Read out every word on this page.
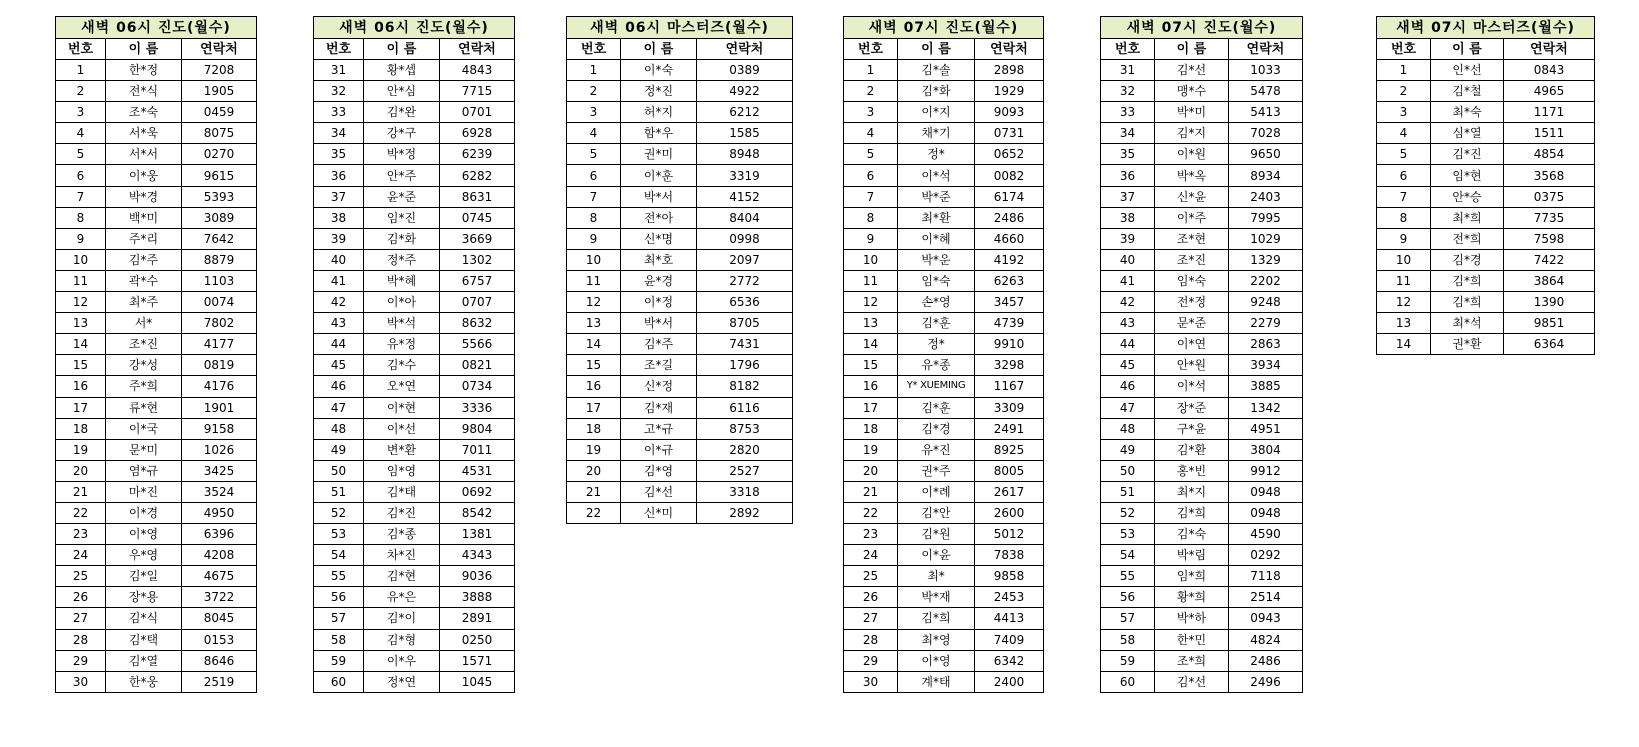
새벽 06시 진도(월수)		
번호	이 름	연락처
1	한*정	7208
2	전*식	1905
3	조*숙	0459
4	서*욱	8075
5	서*서	0270
6	이*웅	9615
7	박*경	5393
8	백*미	3089
9	주*리	7642
10	김*주	8879
11	곽*수	1103
12	최*주	0074
13	서*	7802
14	조*진	4177
15	강*성	0819
16	주*희	4176
17	류*현	1901
18	이*국	9158
19	문*미	1026
20	염*규	3425
21	마*진	3524
22	이*경	4950
23	이*영	6396
24	우*영	4208
25	김*일	4675
26	장*용	3722
27	김*식	8045
28	김*택	0153
29	김*열	8646
30	한*웅	2519
새벽 06시 진도(월수)		
번호	이 름	연락처
31	황*셉	4843
32	안*심	7715
33	김*완	0701
34	강*구	6928
35	박*정	6239
36	안*주	6282
37	윤*준	8631
38	임*진	0745
39	김*화	3669
40	정*주	1302
41	박*혜	6757
42	이*아	0707
43	박*석	8632
44	유*정	5566
45	김*수	0821
46	오*연	0734
47	이*현	3336
48	이*선	9804
49	변*환	7011
50	임*영	4531
51	김*태	0692
52	김*진	8542
53	김*종	1381
54	차*진	4343
55	김*현	9036
56	유*은	3888
57	김*이	2891
58	김*형	0250
59	이*우	1571
60	정*연	1045
새벽 06시 마스터즈(월수)		
번호	이 름	연락처
1	이*숙	0389
2	정*진	4922
3	허*지	6212
4	함*우	1585
5	권*미	8948
6	이*훈	3319
7	박*서	4152
8	전*아	8404
9	신*명	0998
10	최*호	2097
11	윤*경	2772
12	이*정	6536
13	박*서	8705
14	김*주	7431
15	조*길	1796
16	신*정	8182
17	김*재	6116
18	고*규	8753
19	이*규	2820
20	김*영	2527
21	김*선	3318
22	신*미	2892
새벽 07시 진도(월수)		
번호	이 름	연락처
1	김*솔	2898
2	김*화	1929
3	이*지	9093
4	채*기	0731
5	정*	0652
6	이*석	0082
7	박*준	6174
8	최*환	2486
9	이*혜	4660
10	박*운	4192
11	임*숙	6263
12	손*영	3457
13	김*훈	4739
14	정*	9910
15	유*종	3298
16	Y* XUEMING	1167
17	김*훈	3309
18	김*경	2491
19	유*진	8925
20	권*주	8005
21	이*례	2617
22	김*안	2600
23	김*원	5012
24	이*윤	7838
25	최*	9858
26	박*재	2453
27	김*희	4413
28	최*영	7409
29	이*영	6342
30	계*태	2400
새벽 07시 진도(월수)		
번호	이 름	연락처
31	김*선	1033
32	맹*수	5478
33	박*미	5413
34	김*지	7028
35	이*원	9650
36	박*옥	8934
37	신*윤	2403
38	이*주	7995
39	조*현	1029
40	조*진	1329
41	임*숙	2202
42	전*정	9248
43	문*준	2279
44	이*연	2863
45	안*원	3934
46	이*석	3885
47	장*준	1342
48	구*윤	4951
49	김*환	3804
50	홍*빈	9912
51	최*지	0948
52	김*희	0948
53	김*숙	4590
54	박*림	0292
55	임*희	7118
56	황*희	2514
57	박*하	0943
58	한*민	4824
59	조*희	2486
60	김*선	2496
새벽 07시 마스터즈(월수)		
번호	이 름	연락처
1	인*선	0843
2	김*철	4965
3	최*숙	1171
4	심*열	1511
5	김*진	4854
6	임*현	3568
7	안*승	0375
8	최*희	7735
9	전*희	7598
10	김*경	7422
11	김*희	3864
12	김*희	1390
13	최*석	9851
14	권*환	6364
